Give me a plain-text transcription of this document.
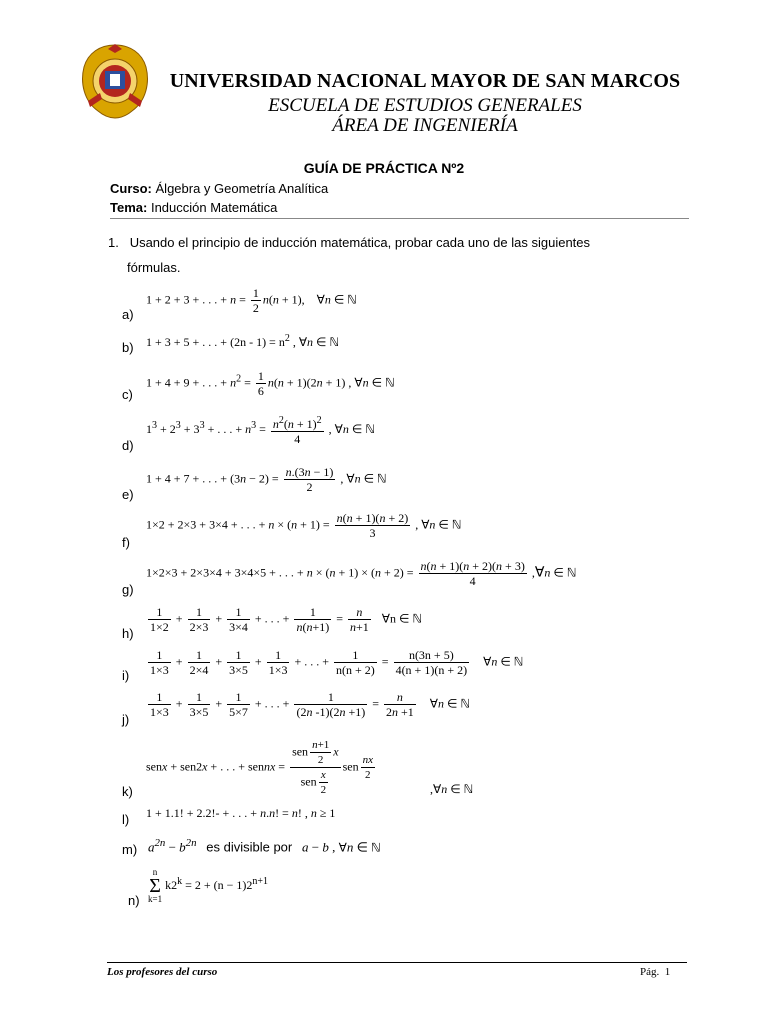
UNIVERSIDAD NACIONAL MAYOR DE SAN MARCOS
ESCUELA DE ESTUDIOS GENERALES
ÁREA DE INGENIERÍA
GUÍA DE PRÁCTICA Nº2
Curso: Álgebra y Geometría Analítica
Tema: Inducción Matemática
1. Usando el principio de inducción matemática, probar cada uno de las siguientes
fórmulas.
a)
1 + 2 + 3 + . . . + $n = \frac{1}{2} n(n + 1)$,    ∀n ∈ ℕ
b) 1 + 3 + 5 + . . . + $(2n - 1) = n^2$ , ∀n ∈ ℕ
c)
1 + 4 + 9 + . . . + $n^2 = \frac{1}{6} n(n + 1)(2n + 1)$ , ∀n ∈ ℕ
d)
$1^3 + 2^3 + 3^3$ + . . . + $n^3 = \frac{n^2(n + 1)^2}{4}$ , ∀n ∈ ℕ
e)
1 + 4 + 7 + . . . + $(3n - 2) = \frac{n.(3n - 1)}{2}$ , ∀n ∈ ℕ
f)
1×2 + 2×3 + 3×4 + . . . + $n \times (n + 1) = \frac{n(n + 1)(n + 2)}{3}$ , ∀n ∈ ℕ
g)
1×2×3 + 2×3×4 + 3×4×5 + . . . + $n \times (n + 1) \times (n + 2) = \frac{n(n + 1)(n + 2)(n + 3)}{4}$ ,∀n ∈ ℕ
$h) \frac{1}{1\times 2} + \frac{1}{2\times 3} + \frac{1}{3\times 4}$ + . . . + $\frac{1}{n(n+1)} = \frac{n}{n+1}$ ∀n ∈ ℕ
$i) \frac{1}{1\times 3} + \frac{1}{2\times 4} + \frac{1}{3\times 5} + \frac{1}{1\times 3}$ + . . . + $\frac{1}{n(n + 2)} = \frac{n(3n + 5)}{4(n + 1)(n + 2)}$ ∀n ∈ ℕ
j)
$\frac{1}{1\times 3} + \frac{1}{3\times 5} + \frac{1}{5\times 7}$ + . . . + $\frac{1}{(2n -1)(2n +1)} = \frac{n}{2n +1}$ ∀n ∈ ℕ
k)
senx + sen2x + . . . + sennx = $\frac{sen \frac{n+1}{2} x}{sen \frac{x}{2}}$ sen $\frac{nx}{2}$
,∀n ∈ ℕ
l) 1 + 1.1! + 2.2!- + . . . + n.n! = n! , n ≥ 1
m) $a^{2n} - b^{2n}$ es divisible por a − b , ∀n ∈ ℕ
n)
n
Σ
k=1
$k2^k = 2 + (n - 1)2^{n+1}$
Los profesores del curso	Pág. 1
